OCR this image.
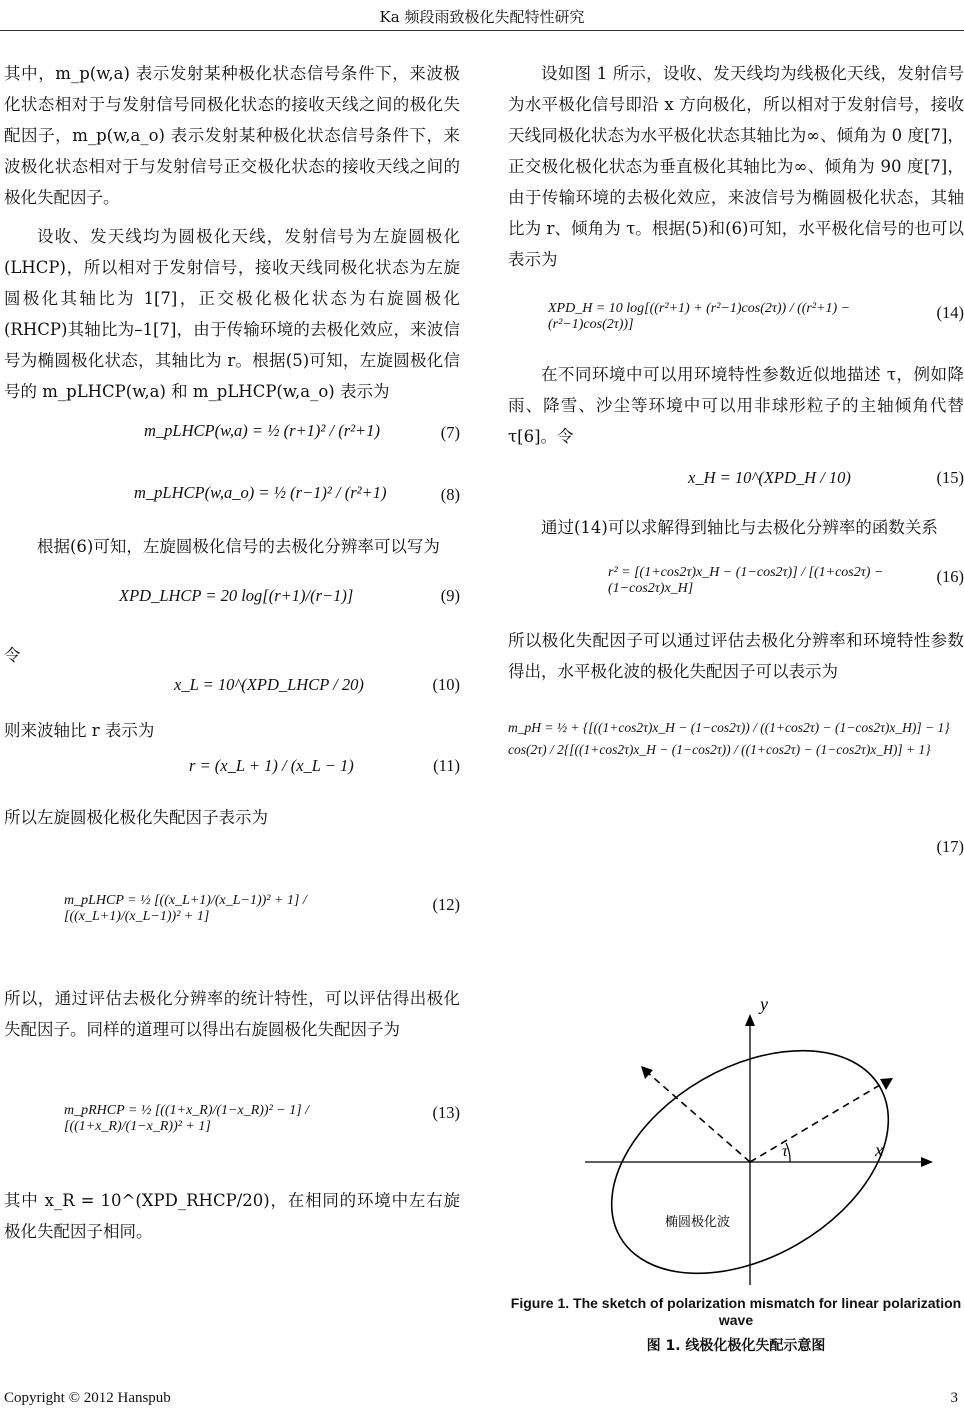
Ka 频段雨致极化失配特性研究

其中，m_p(w,a) 表示发射某种极化状态信号条件下，来波极化状态相对于与发射信号同极化状态的接收天线之间的极化失配因子，m_p(w,a_o) 表示发射某种极化状态信号条件下，来波极化状态相对于与发射信号正交极化状态的接收天线之间的极化失配因子。

设收、发天线均为圆极化天线，发射信号为左旋圆极化(LHCP)，所以相对于发射信号，接收天线同极化状态为左旋圆极化其轴比为 1[7]，正交极化极化状态为右旋圆极化(RHCP)其轴比为–1[7]，由于传输环境的去极化效应，来波信号为椭圆极化状态，其轴比为 r。根据(5)可知，左旋圆极化信号的 m_pLHCP(w,a) 和 m_pLHCP(w,a_o) 表示为

m_pLHCP(w,a) = ½ (r+1)² / (r²+1)	(7)
m_pLHCP(w,a_o) = ½ (r−1)² / (r²+1)	(8)

根据(6)可知，左旋圆极化信号的去极化分辨率可以写为

XPD_LHCP = 20 log[(r+1)/(r−1)]	(9)

令

x_L = 10^(XPD_LHCP / 20)	(10)

则来波轴比 r 表示为

r = (x_L + 1) / (x_L − 1)	(11)

所以左旋圆极化极化失配因子表示为

m_pLHCP = ½ [((x_L+1)/(x_L−1))² + 1] / [((x_L+1)/(x_L−1))² + 1]
(12)

所以，通过评估去极化分辨率的统计特性，可以评估得出极化失配因子。同样的道理可以得出右旋圆极化失配因子为

m_pRHCP = ½ [((1+x_R)/(1−x_R))² − 1] / [((1+x_R)/(1−x_R))² + 1]
(13)

其中 x_R = 10^(XPD_RHCP/20)，在相同的环境中左右旋极化失配因子相同。

设如图 1 所示，设收、发天线均为线极化天线，发射信号为水平极化信号即沿 x 方向极化，所以相对于发射信号，接收天线同极化状态为水平极化状态其轴比为∞、倾角为 0 度[7]，正交极化极化状态为垂直极化其轴比为∞、倾角为 90 度[7]，由于传输环境的去极化效应，来波信号为椭圆极化状态，其轴比为 r、倾角为 τ。根据(5)和(6)可知，水平极化信号的也可以表示为

XPD_H = 10 log[((r²+1) + (r²−1)cos(2τ)) / ((r²+1) − (r²−1)cos(2τ))]
(14)

在不同环境中可以用环境特性参数近似地描述 τ，例如降雨、降雪、沙尘等环境中可以用非球形粒子的主轴倾角代替 τ[6]。令

x_H = 10^(XPD_H / 10)	(15)

通过(14)可以求解得到轴比与去极化分辨率的函数关系

r² = [(1+cos2τ)x_H − (1−cos2τ)] / [(1+cos2τ) − (1−cos2τ)x_H]
(16)

所以极化失配因子可以通过评估去极化分辨率和环境特性参数得出，水平极化波的极化失配因子可以表示为

m_pH = ½ + {[((1+cos2τ)x_H − (1−cos2τ)) / ((1+cos2τ) − (1−cos2τ)x_H)] − 1} cos(2τ) / 2{[((1+cos2τ)x_H − (1−cos2τ)) / ((1+cos2τ) − (1−cos2τ)x_H)] + 1}
(17)
y
x
τ
椭圆极化波
Figure 1. The sketch of polarization mismatch for linear polarization wave
图 1. 线极化极化失配示意图
Copyright © 2012 Hanspub	3
